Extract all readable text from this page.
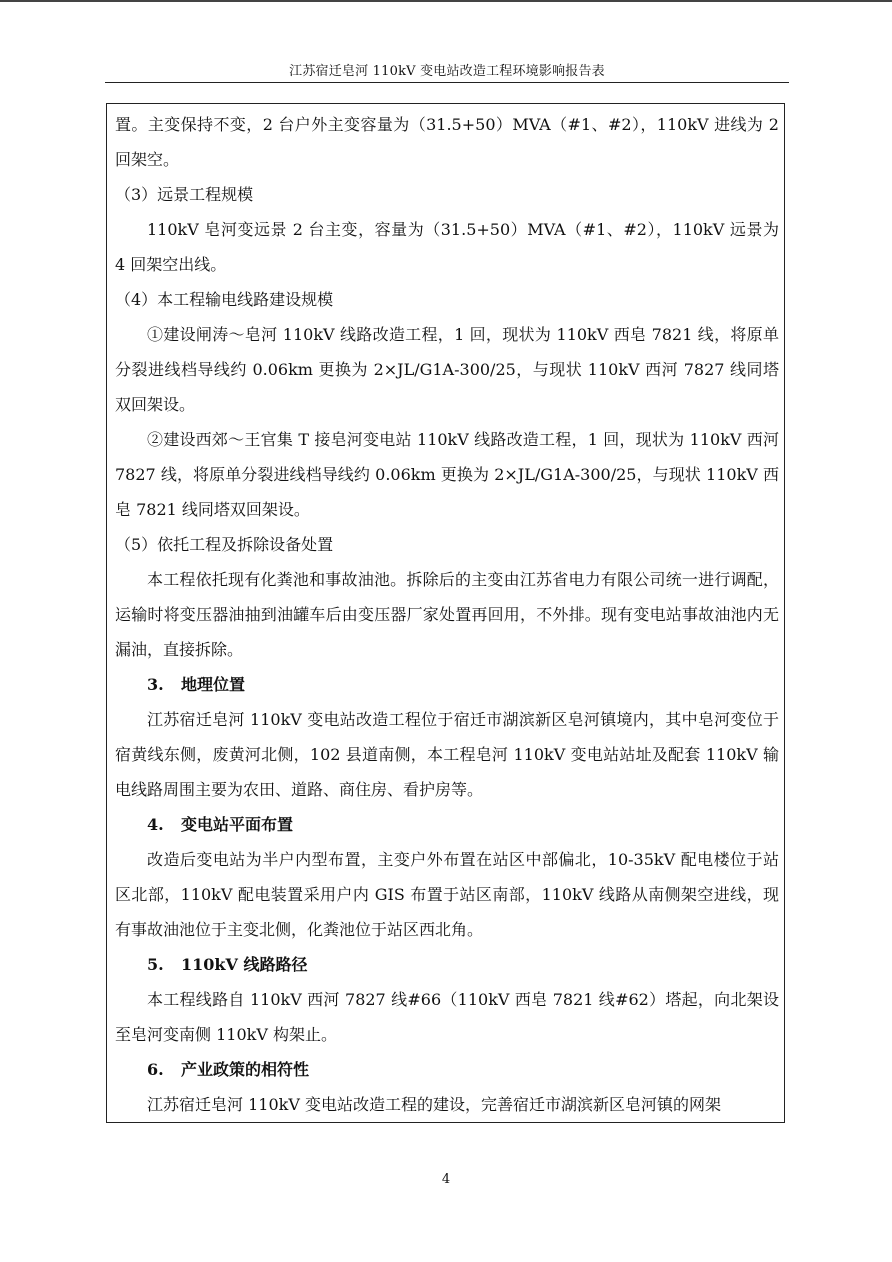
江苏宿迁皂河 110kV 变电站改造工程环境影响报告表

置。主变保持不变，2 台户外主变容量为（31.5+50）MVA（#1、#2），110kV 进线为 2 回架空。

（3）远景工程规模

110kV 皂河变远景 2 台主变，容量为（31.5+50）MVA（#1、#2），110kV 远景为 4 回架空出线。

（4）本工程输电线路建设规模

①建设闸涛～皂河 110kV 线路改造工程，1 回，现状为 110kV 西皂 7821 线，将原单分裂进线档导线约 0.06km 更换为 2×JL/G1A-300/25，与现状 110kV 西河 7827 线同塔双回架设。

②建设西郊～王官集 T 接皂河变电站 110kV 线路改造工程，1 回，现状为 110kV 西河 7827 线，将原单分裂进线档导线约 0.06km 更换为 2×JL/G1A-300/25，与现状 110kV 西皂 7821 线同塔双回架设。

（5）依托工程及拆除设备处置

本工程依托现有化粪池和事故油池。拆除后的主变由江苏省电力有限公司统一进行调配，运输时将变压器油抽到油罐车后由变压器厂家处置再回用，不外排。现有变电站事故油池内无漏油，直接拆除。

3. 地理位置

江苏宿迁皂河 110kV 变电站改造工程位于宿迁市湖滨新区皂河镇境内，其中皂河变位于宿黄线东侧，废黄河北侧，102 县道南侧，本工程皂河 110kV 变电站站址及配套 110kV 输电线路周围主要为农田、道路、商住房、看护房等。

4. 变电站平面布置

改造后变电站为半户内型布置，主变户外布置在站区中部偏北，10-35kV 配电楼位于站区北部，110kV 配电装置采用户内 GIS 布置于站区南部，110kV 线路从南侧架空进线，现有事故油池位于主变北侧，化粪池位于站区西北角。

5. 110kV 线路路径

本工程线路自 110kV 西河 7827 线#66（110kV 西皂 7821 线#62）塔起，向北架设至皂河变南侧 110kV 构架止。

6. 产业政策的相符性

江苏宿迁皂河 110kV 变电站改造工程的建设，完善宿迁市湖滨新区皂河镇的网架

4
